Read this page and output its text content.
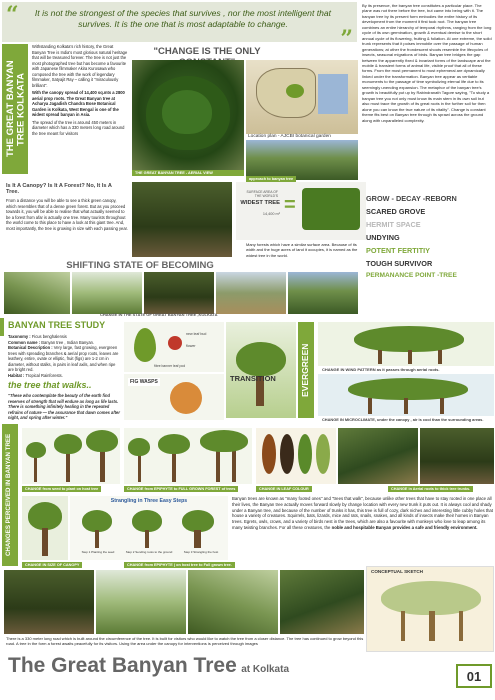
“	It is not the strongest of the species that survives , nor the most intelligent that survives. It is the one that is most adaptable to change.
”
By its presence, the banyan tree constitutes a particular place. The plane was not there before the tree, but came into being with it. The banyan tree by its present form embodies the entire history of its development from the moment it first took root. The banyan tree combines an entire hierarchy of temporal rhythms, ranging from the long cycle of its own germination, growth & eventual demise to the short annual cycle of its flowering, fruiting & foliation. At one extreme, the solid trunk represents that it poises immobile over the passage of human generations; at other the frondescent shoots resemble the lifecycles of insects, seasonal migrations of birds. Banyan tree bridges the gap between the apparently fixed & invariant forms of the landscape and the mobile & transient forms of animal life, visible proof that all of these forms. From the most permanent to most ephemeral are dynamically linked under the transformation. Banyan tree appear as veritable monuments to the passage of time symbolizing eternal life due to its seemingly unending expansion. The metaphor of the banyan tree's growth is beautifully put up by Rabindranath Tagore saying, "To study a banyan tree you not only must know its main stem in its own soil but also must trace the growth of its great roots in the further soil for then alone you can know the true nature of its vitality". Change is constant theme fits best on Banyan tree through its sprawl across the ground along with unparalleled complexity.
THE GREAT BANYAN TREE KOLKATA

Withstanding Kolkata's rich history, the Great Banyan Tree is India's most glorious natural heritage that will be treasured forever. The tree is not just the most photographed tree but has become a favourite with Japanese filmmaker Akira Kurosawa who composed the tree with the work of legendary filmmaker, Satyajit Ray – calling it "miraculously brilliant".

With the canopy spread of 14,400 sq.mts a 2800 aerial prop roots. The Great Banyan tree at Acharya Jagadish Chandra Bose Botanical Garden is Kolkata, West Bengal is one of the widest spread banyan in Asia.

The spread of the tree is around 450 meters in diameter which has a 330 meters long road around the tree meant for visitors

"CHANGE IS THE ONLY
THE GREAT BANYAN TREE - AERIAL VIEW
Location plan - AJCBI botanical garden
approach to banyan tree
Is It A Canopy? Is It A Forest? No, It Is A Tree.
From a distance you will be able to see a thick green canopy, which resembles that of a dense green forest. But as you proceed towards it, you will be able to realise that what actually seemed to be a forest from afar is actually one tree. Many tourists throughout the world come to this place to have a look at this giant tree. And, most importantly, the tree is growing in size with each passing year.
SURFACE AREA OF THE WORLD'S
WIDEST TREE
14,400 m² =
Many forests which have a similar surface area. Because of its width and the huge acres of land it occupies, it is named as the widest tree in the world.
GROW - DECAY -REBORN
SCARED GROVE
HERMIT SPACE
UNDYING
POTENT FERTITIY
TOUGH SURVIVOR
PERMANANCE POINT -TREE
SHIFTING STATE OF BECOMING
CHANGE IN THE STATE OF GREAT BANYAN TREE ,KOLKATA
BANYAN TREE STUDY
Taxonomy : Ficus benghalensis
Common name : Banyan tree , Indian Banyan.
Botanical Description : Very large, fast growing, evergreen trees with spreading branches & aerial prop roots, leaves are leathery, entire, ovate or elliptic, fruit (figs) are 1-2 cm in diameter, without stalks, in pairs in leaf axils, and when ripe are bright red.
Habitat : Tropical Rainforests.
the tree that walks..
"These who contemplate the beauty of the earth find reserves of strength that will endure as long as life lasts. There is something infinitely healing in the repeated refrains of nature — the assurance that dawn comes after night, and spring after winter."
new leaf bud
flower
fibre banner leaf pod
FIG WASPS	TRANSITION	EVERGREEN	CHANGE IN WIND PATTERN as it passes through aerial roots.
CHANGE IN MICROCLIMATE, under the canopy , air is cool than the surrounding areas.
CHANGES PERCEIVED IN BANYAN TREE	CHANGE from seed to plant on host tree	CHANGE from EPIPHYTE to FULL GROWN FOREST of trees	CHANGE IN LEAF COLOUR	CHANGE in Aerial roots to thick tree trunks.
Strangling in Three Easy Steps
Step 1 Planting the seed	Step 2 Sending roots to the ground	Step 3 Strangling the host
Banyan trees are known as "many footed ones" and "trees that walk", because unlike other trees that have to stay rooted in one place all their lives, the Banyan tree actually moves forward slowly by change location with every new trunk it puts out. It is always cool and shady under a Banyan tree, and because of the number of trunks it has, this tree is full of cozy, dark niches and interesting little cubby holes that house a variety of creatures. Squirrels, bats, lizards, mice and rats, snails, snakes, and all kinds of insects make their homes in Banyan trees. Egrets, owls, crows, and a variety of birds nest in the trees, which are also a favourite with monkeys who love to leap among its many twisting branches. For all these creatures, the noble and hospitable Banyan provides a safe and friendly environment.
CHANGE IN SIZE OF CANOPY	CHANGE from EPIPHYTE ( on host tree to Full grown tree.
CONCEPTUAL SKETCH
There is a 330 meter long road which is built around the circumference of the tree. It is built for visitors who would like to watch the tree from a closer distance. The tree has continued to grow beyond this road. A tree in the form a forest awaits peacefully for its visitors. Using the area under the canopy for interventions is perceived through images
The Great Banyan Tree at Kolkata	01
